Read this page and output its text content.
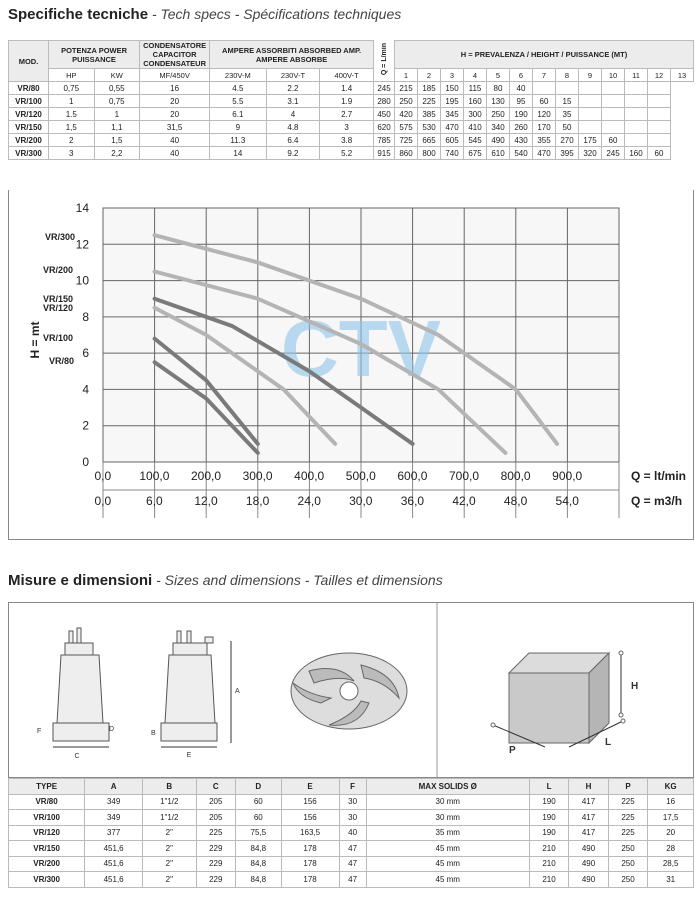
Specifiche tecniche - Tech specs - Spécifications techniques
MOD.	POTENZA POWER PUISSANCE		CONDENSATORE CAPACITOR CONDENSATEUR	AMPERE ASSORBITI ABSORBED AMP. AMPERE ABSORBE			Q = L/min	H = PREVALENZA / HEIGHT / PUISSANCE (MT)												
	HP	KW	MF/450V	230V-M	230V-T	400V-T		1	2	3	4	5	6	7	8	9	10	11	12	13
VR/80	0,75	0,55	16	4.5	2.2	1.4	245	215	185	150	115	80	40							
VR/100	1	0,75	20	5.5	3.1	1.9	280	250	225	195	160	130	95	60	15					
VR/120	1.5	1	20	6.1	4	2.7	450	420	385	345	300	250	190	120	35					
VR/150	1,5	1,1	31,5	9	4.8	3	620	575	530	470	410	340	260	170	50					
VR/200	2	1,5	40	11.3	6.4	3.8	785	725	665	605	545	490	430	355	270	175	60			
VR/300	3	2,2	40	14	9.2	5.2	915	860	800	740	675	610	540	470	395	320	245	160	60	
0
2
4
6
8
10
12
14
H = mt	CTV
VR/300
VR/200
VR/150
VR/120
VR/100
VR/80
0,0 100,0 200,0 300,0 400,0 500,0 600,0 700,0 800,0 900,0
0,0	6,0	12,0 18,0 24,0 30,0 36,0 42,0 48,0 54,0
Q = lt/min
Q = m3/h
Misure e dimensioni - Sizes and dimensions - Tailles et dimensions
C
F	D
A
B
E
H
P
L
TYPE	A	B	C	D	E	F	MAX SOLIDS Ø	L	H	P	KG
VR/80	349	1"1/2	205	60	156	30	30 mm	190	417	225	16
VR/100	349	1"1/2	205	60	156	30	30 mm	190	417	225	17,5
VR/120	377	2"	225	75,5	163,5	40	35 mm	190	417	225	20
VR/150	451,6	2"	229	84,8	178	47	45 mm	210	490	250	28
VR/200	451,6	2"	229	84,8	178	47	45 mm	210	490	250	28,5
VR/300	451,6	2"	229	84,8	178	47	45 mm	210	490	250	31
